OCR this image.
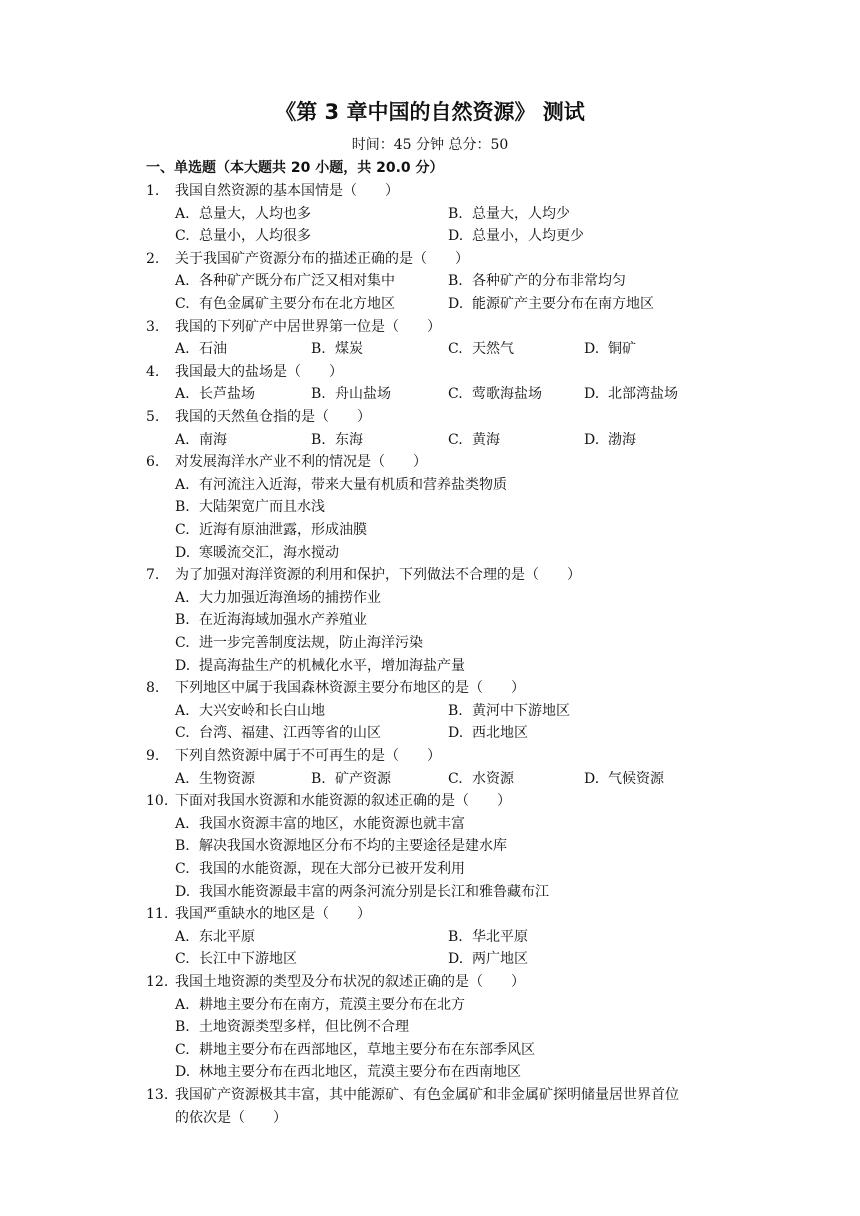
《第 3 章中国的自然资源》 测试
时间：45 分钟 总分：50
一、单选题（本大题共 20 小题，共 20.0 分）
1. 我国自然资源的基本国情是（　　）
A. 总量大，人均也多	B. 总量大，人均少
C. 总量小，人均很多	D. 总量小，人均更少
2. 关于我国矿产资源分布的描述正确的是（　　）
A. 各种矿产既分布广泛又相对集中	B. 各种矿产的分布非常均匀
C. 有色金属矿主要分布在北方地区	D. 能源矿产主要分布在南方地区
3. 我国的下列矿产中居世界第一位是（　　）
A. 石油	B. 煤炭	C. 天然气	D. 铜矿
4. 我国最大的盐场是（　　）
A. 长芦盐场	B. 舟山盐场	C. 莺歌海盐场	D. 北部湾盐场
5. 我国的天然鱼仓指的是（　　）
A. 南海	B. 东海	C. 黄海	D. 渤海
6. 对发展海洋水产业不利的情况是（　　）
A. 有河流注入近海，带来大量有机质和营养盐类物质
B. 大陆架宽广而且水浅
C. 近海有原油泄露，形成油膜
D. 寒暖流交汇，海水搅动
7. 为了加强对海洋资源的利用和保护，下列做法不合理的是（　　）
A. 大力加强近海渔场的捕捞作业
B. 在近海海域加强水产养殖业
C. 进一步完善制度法规，防止海洋污染
D. 提高海盐生产的机械化水平，增加海盐产量
8. 下列地区中属于我国森林资源主要分布地区的是（　　）
A. 大兴安岭和长白山地	B. 黄河中下游地区
C. 台湾、福建、江西等省的山区	D. 西北地区
9. 下列自然资源中属于不可再生的是（　　）
A. 生物资源	B. 矿产资源	C. 水资源	D. 气候资源
10. 下面对我国水资源和水能资源的叙述正确的是（　　）
A. 我国水资源丰富的地区，水能资源也就丰富
B. 解决我国水资源地区分布不均的主要途径是建水库
C. 我国的水能资源，现在大部分已被开发利用
D. 我国水能资源最丰富的两条河流分别是长江和雅鲁藏布江
11. 我国严重缺水的地区是（　　）
A. 东北平原	B. 华北平原
C. 长江中下游地区	D. 两广地区
12. 我国土地资源的类型及分布状况的叙述正确的是（　　）
A. 耕地主要分布在南方，荒漠主要分布在北方
B. 土地资源类型多样，但比例不合理
C. 耕地主要分布在西部地区，草地主要分布在东部季风区
D. 林地主要分布在西北地区，荒漠主要分布在西南地区
13. 我国矿产资源极其丰富，其中能源矿、有色金属矿和非金属矿探明储量居世界首位
的依次是（　　）
